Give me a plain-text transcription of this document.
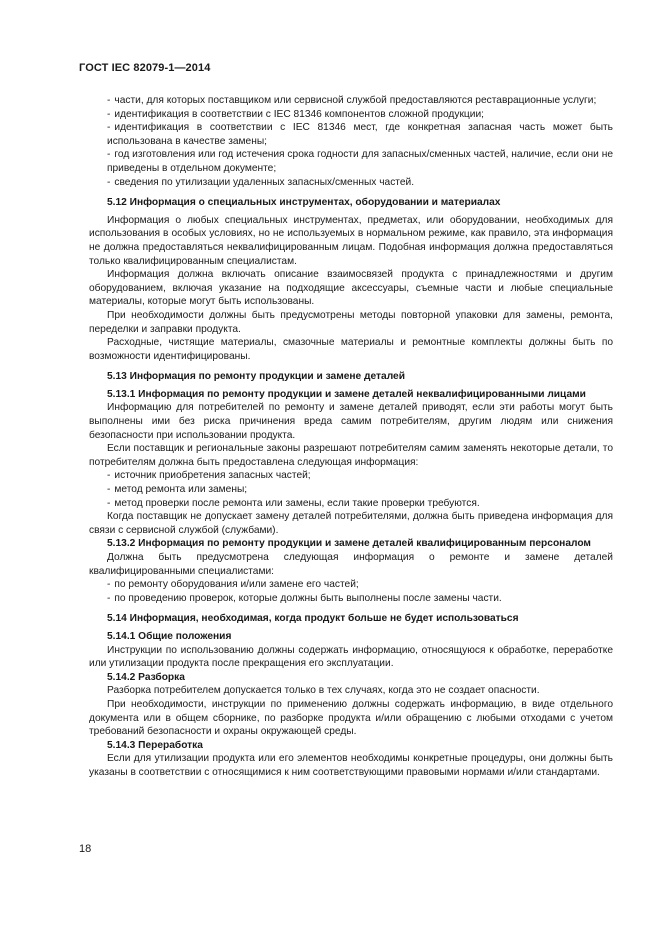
ГОСТ IEC 82079-1—2014

- части, для которых поставщиком или сервисной службой предоставляются реставрационные услуги;

- идентификация в соответствии с IEC 81346 компонентов сложной продукции;

- идентификация в соответствии с IEC 81346 мест, где конкретная запасная часть может быть использована в качестве замены;

- год изготовления или год истечения срока годности для запасных/сменных частей, наличие, если они не приведены в отдельном документе;

- сведения по утилизации удаленных запасных/сменных частей.

5.12 Информация о специальных инструментах, оборудовании и материалах

Информация о любых специальных инструментах, предметах, или оборудовании, необходимых для использования в особых условиях, но не используемых в нормальном режиме, как правило, эта информация не должна предоставляться неквалифицированным лицам. Подобная информация должна предоставляться только квалифицированным специалистам.

Информация должна включать описание взаимосвязей продукта с принадлежностями и другим оборудованием, включая указание на подходящие аксессуары, съемные части и любые специальные материалы, которые могут быть использованы.

При необходимости должны быть предусмотрены методы повторной упаковки для замены, ремонта, переделки и заправки продукта.

Расходные, чистящие материалы, смазочные материалы и ремонтные комплекты должны быть по возможности идентифицированы.

5.13 Информация по ремонту продукции и замене деталей

5.13.1 Информация по ремонту продукции и замене деталей неквалифицированными лицами

Информацию для потребителей по ремонту и замене деталей приводят, если эти работы могут быть выполнены ими без риска причинения вреда самим потребителям, другим людям или снижения безопасности при использовании продукта.

Если поставщик и региональные законы разрешают потребителям самим заменять некоторые детали, то потребителям должна быть предоставлена следующая информация:

- источник приобретения запасных частей;

- метод ремонта или замены;

- метод проверки после ремонта или замены, если такие проверки требуются.

Когда поставщик не допускает замену деталей потребителями, должна быть приведена информация для связи с сервисной службой (службами).

5.13.2 Информация по ремонту продукции и замене деталей квалифицированным персоналом

Должна быть предусмотрена следующая информация о ремонте и замене деталей квалифицированными специалистами:

- по ремонту оборудования и/или замене его частей;

- по проведению проверок, которые должны быть выполнены после замены части.

5.14 Информация, необходимая, когда продукт больше не будет использоваться

5.14.1 Общие положения

Инструкции по использованию должны содержать информацию, относящуюся к обработке, переработке или утилизации продукта после прекращения его эксплуатации.

5.14.2 Разборка

Разборка потребителем допускается только в тех случаях, когда это не создает опасности.

При необходимости, инструкции по применению должны содержать информацию, в виде отдельного документа или в общем сборнике, по разборке продукта и/или обращению с любыми отходами с учетом требований безопасности и охраны окружающей среды.

5.14.3 Переработка

Если для утилизации продукта или его элементов необходимы конкретные процедуры, они должны быть указаны в соответствии с относящимися к ним соответствующими правовыми нормами и/или стандартами.

18
